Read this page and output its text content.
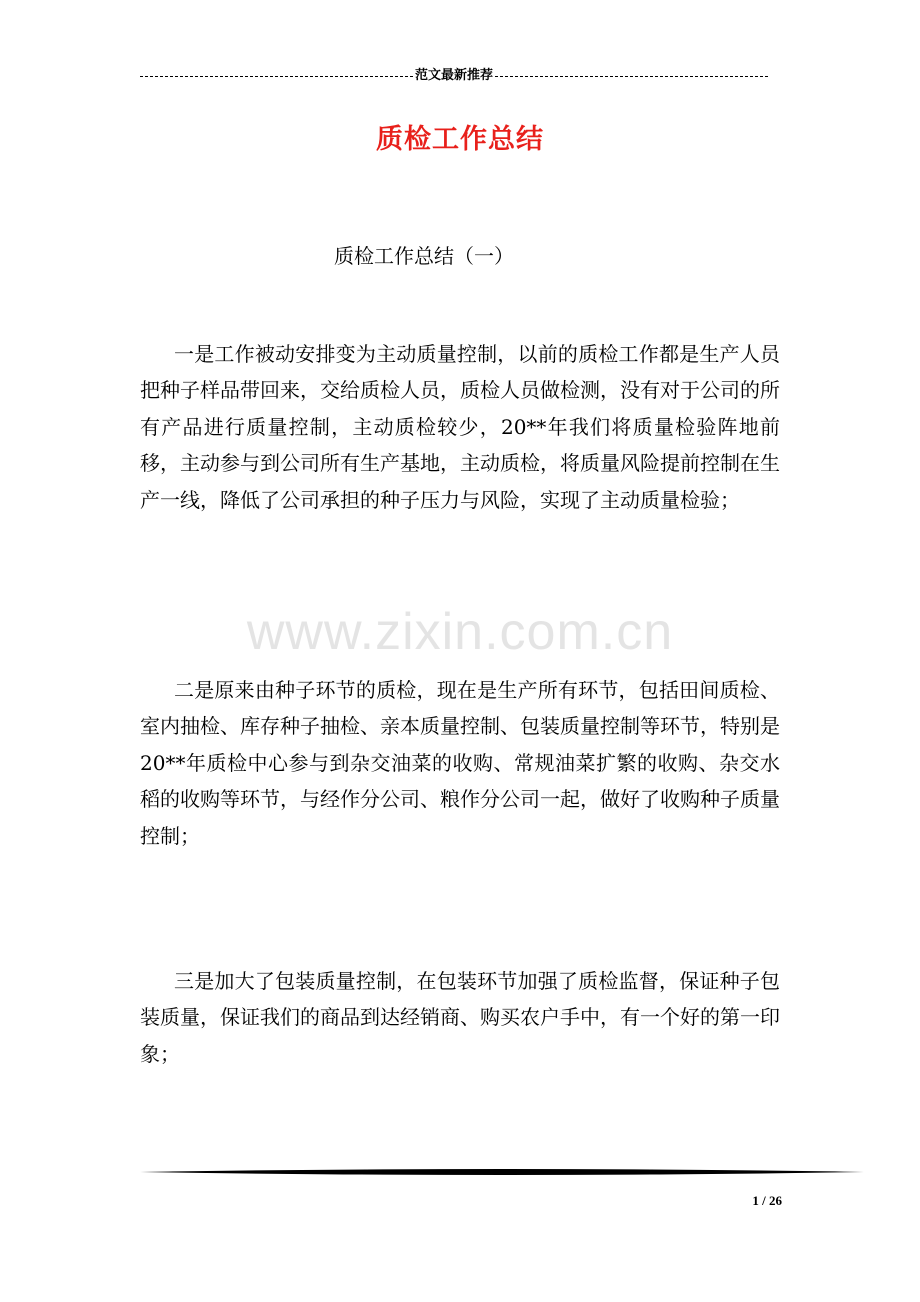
范文最新推荐
质检工作总结
质检工作总结（一）

一是工作被动安排变为主动质量控制，以前的质检工作都是生产人员把种子样品带回来，交给质检人员，质检人员做检测，没有对于公司的所有产品进行质量控制，主动质检较少，20**年我们将质量检验阵地前移，主动参与到公司所有生产基地，主动质检，将质量风险提前控制在生产一线，降低了公司承担的种子压力与风险，实现了主动质量检验；

www.zixin.com.cn

二是原来由种子环节的质检，现在是生产所有环节，包括田间质检、室内抽检、库存种子抽检、亲本质量控制、包装质量控制等环节，特别是20**年质检中心参与到杂交油菜的收购、常规油菜扩繁的收购、杂交水稻的收购等环节，与经作分公司、粮作分公司一起，做好了收购种子质量控制；

三是加大了包装质量控制，在包装环节加强了质检监督，保证种子包装质量，保证我们的商品到达经销商、购买农户手中，有一个好的第一印象；

1 / 26
